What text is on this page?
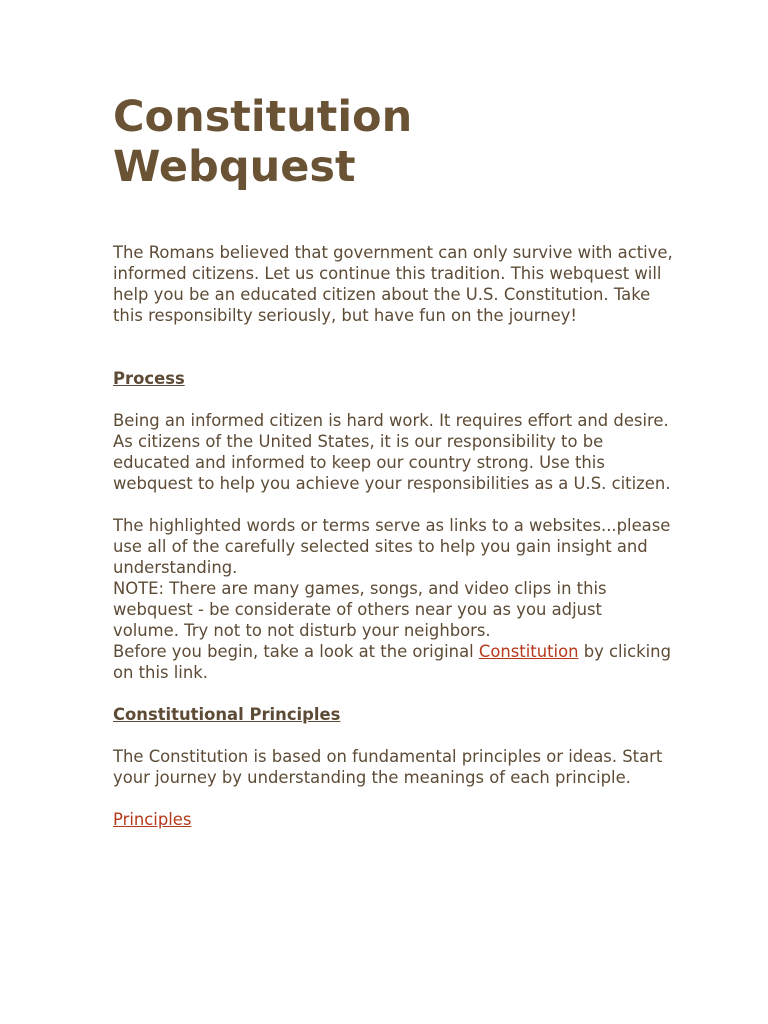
Constitution Webquest

The Romans believed that government can only survive with active, informed citizens. Let us continue this tradition. This webquest will help you be an educated citizen about the U.S. Constitution. Take this responsibilty seriously, but have fun on the journey!

Process

Being an informed citizen is hard work. It requires effort and desire. As citizens of the United States, it is our responsibility to be educated and informed to keep our country strong. Use this webquest to help you achieve your responsibilities as a U.S. citizen.

The highlighted words or terms serve as links to a websites...please use all of the carefully selected sites to help you gain insight and understanding.
NOTE: There are many games, songs, and video clips in this webquest - be considerate of others near you as you adjust volume. Try not to not disturb your neighbors.
Before you begin, take a look at the original Constitution by clicking on this link.

Constitutional Principles

The Constitution is based on fundamental principles or ideas. Start your journey by understanding the meanings of each principle.

Principles
